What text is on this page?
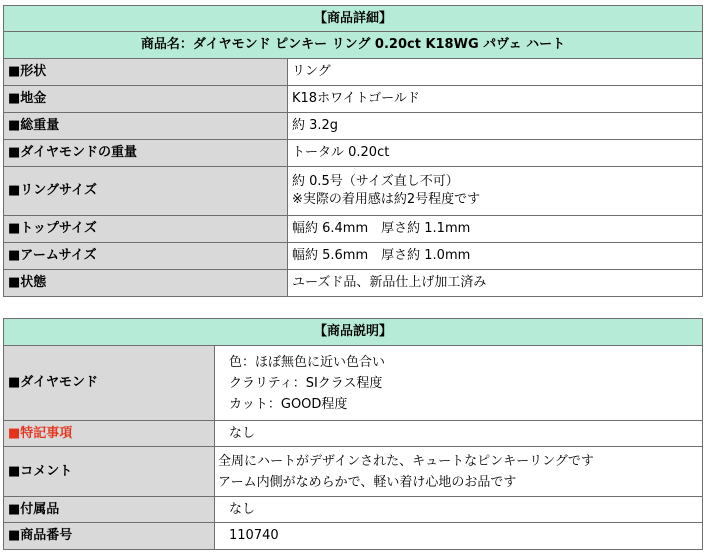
【商品詳細】	
商品名：ダイヤモンド ピンキー リング 0.20ct K18WG パヴェ ハート	
■形状	リング

■地金	K18ホワイトゴールド

■総重量	約 3.2g

■ダイヤモンドの重量	トータル 0.20ct

■リングサイズ	約 0.5号（サイズ直し不可）
※実際の着用感は約2号程度です

■トップサイズ	幅約 6.4mm　厚さ約 1.1mm

■アームサイズ	幅約 5.6mm　厚さ約 1.0mm

■状態	ユーズド品、新品仕上げ加工済み
【商品説明】	
■ダイヤモンド	色：ほぼ無色に近い色合い
クラリティ：SIクラス程度
カット：GOOD程度

■特記事項	なし

■コメント	全周にハートがデザインされた、キュートなピンキーリングです
アーム内側がなめらかで、軽い着け心地のお品です

■付属品	なし

■商品番号	110740
